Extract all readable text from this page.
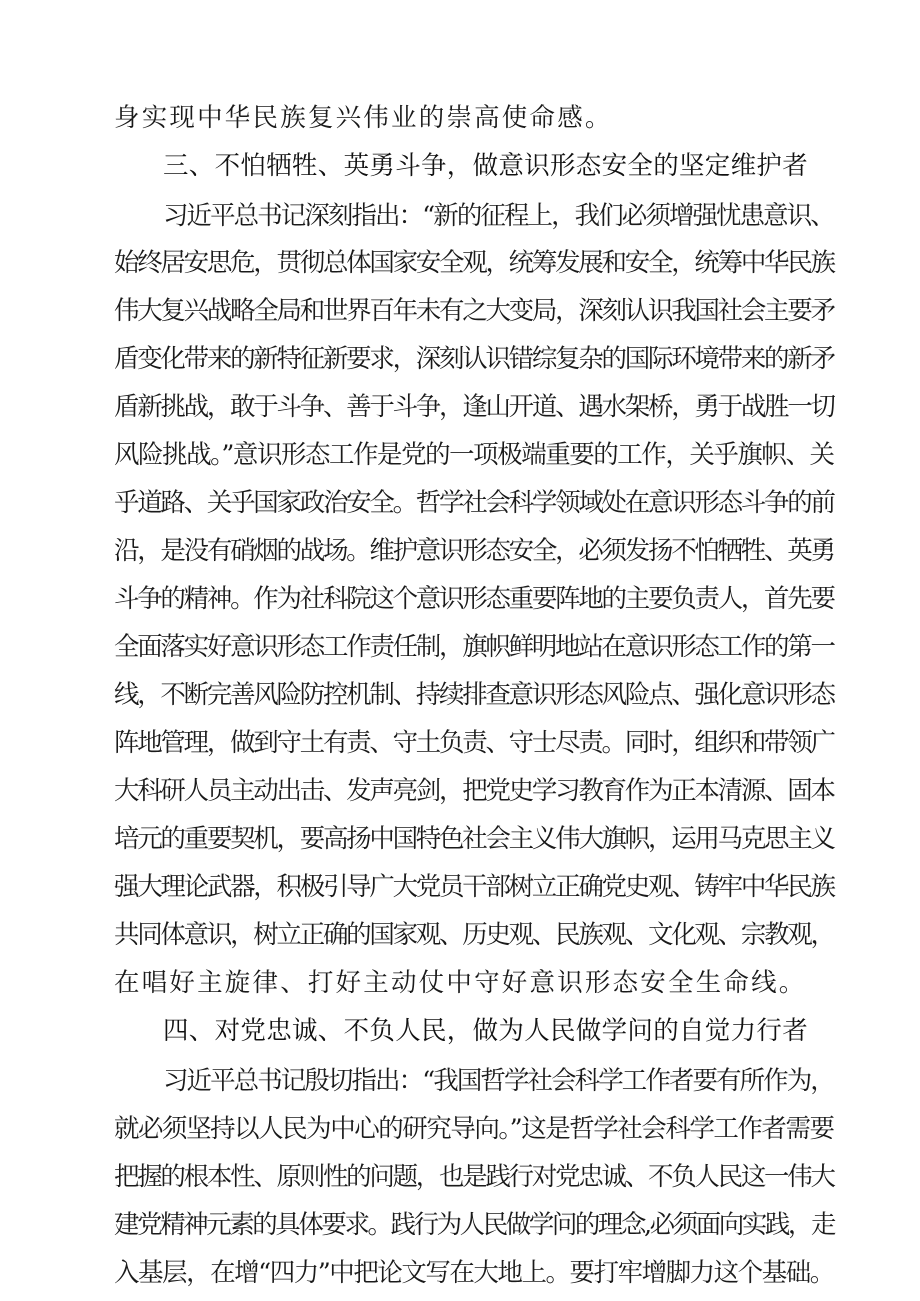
身实现中华民族复兴伟业的崇高使命感。
三、不怕牺牲、英勇斗争，做意识形态安全的坚定维护者
习近平总书记深刻指出：“新的征程上，我们必须增强忧患意识、
始终居安思危，贯彻总体国家安全观，统筹发展和安全，统筹中华民族
伟大复兴战略全局和世界百年未有之大变局，深刻认识我国社会主要矛
盾变化带来的新特征新要求，深刻认识错综复杂的国际环境带来的新矛
盾新挑战，敢于斗争、善于斗争，逢山开道、遇水架桥，勇于战胜一切
风险挑战。”意识形态工作是党的一项极端重要的工作，关乎旗帜、关
乎道路、关乎国家政治安全。哲学社会科学领域处在意识形态斗争的前
沿，是没有硝烟的战场。维护意识形态安全，必须发扬不怕牺牲、英勇
斗争的精神。作为社科院这个意识形态重要阵地的主要负责人，首先要
全面落实好意识形态工作责任制，旗帜鲜明地站在意识形态工作的第一
线，不断完善风险防控机制、持续排查意识形态风险点、强化意识形态
阵地管理，做到守土有责、守土负责、守士尽责。同时，组织和带领广
大科研人员主动出击、发声亮剑，把党史学习教育作为正本清源、固本
培元的重要契机，要高扬中国特色社会主义伟大旗帜，运用马克思主义
强大理论武器，积极引导广大党员干部树立正确党史观、铸牢中华民族
共同体意识，树立正确的国家观、历史观、民族观、文化观、宗教观，
在唱好主旋律、打好主动仗中守好意识形态安全生命线。
四、对党忠诚、不负人民，做为人民做学问的自觉力行者
习近平总书记殷切指出：“我国哲学社会科学工作者要有所作为，
就必须坚持以人民为中心的研究导向。”这是哲学社会科学工作者需要
把握的根本性、原则性的问题，也是践行对党忠诚、不负人民这一伟大
建党精神元素的具体要求。践行为人民做学问的理念,必须面向实践，走
入基层，在增“四力”中把论文写在大地上。要打牢增脚力这个基础。
